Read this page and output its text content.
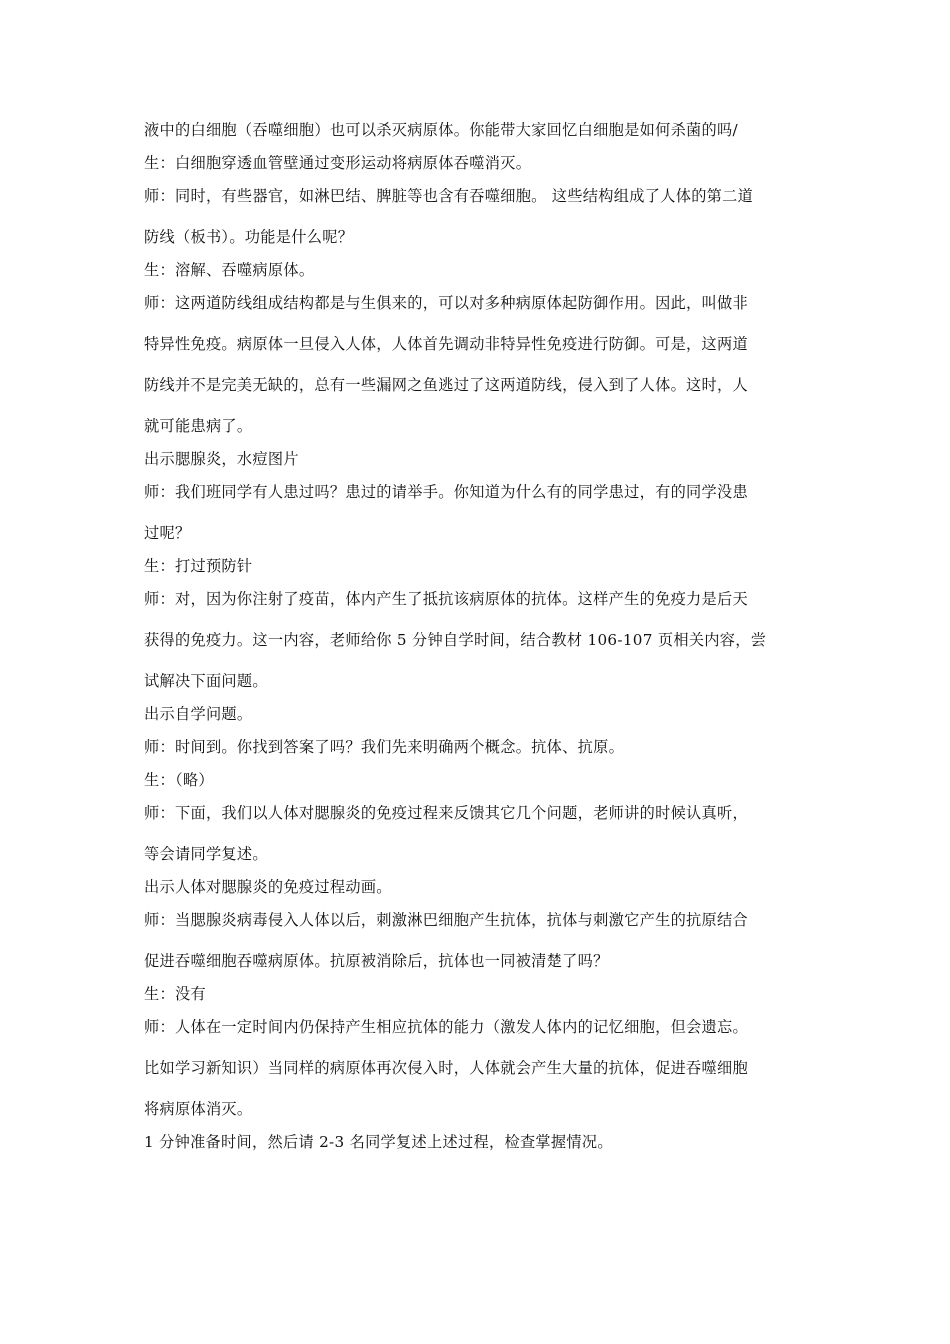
液中的白细胞（吞噬细胞）也可以杀灭病原体。你能带大家回忆白细胞是如何杀菌的吗/
生：白细胞穿透血管壁通过变形运动将病原体吞噬消灭。
师：同时，有些器官，如淋巴结、脾脏等也含有吞噬细胞。 这些结构组成了人体的第二道
防线（板书）。功能是什么呢？
生：溶解、吞噬病原体。
师：这两道防线组成结构都是与生俱来的，可以对多种病原体起防御作用。因此，叫做非
特异性免疫。病原体一旦侵入人体，人体首先调动非特异性免疫进行防御。可是，这两道
防线并不是完美无缺的，总有一些漏网之鱼逃过了这两道防线，侵入到了人体。这时，人
就可能患病了。
出示腮腺炎，水痘图片
师：我们班同学有人患过吗？患过的请举手。你知道为什么有的同学患过，有的同学没患
过呢？
生：打过预防针
师：对，因为你注射了疫苗，体内产生了抵抗该病原体的抗体。这样产生的免疫力是后天
获得的免疫力。这一内容，老师给你 5 分钟自学时间，结合教材 106-107 页相关内容，尝
试解决下面问题。
出示自学问题。
师：时间到。你找到答案了吗？我们先来明确两个概念。抗体、抗原。
生：（略）
师：下面，我们以人体对腮腺炎的免疫过程来反馈其它几个问题，老师讲的时候认真听，
等会请同学复述。
出示人体对腮腺炎的免疫过程动画。
师：当腮腺炎病毒侵入人体以后，刺激淋巴细胞产生抗体，抗体与刺激它产生的抗原结合
促进吞噬细胞吞噬病原体。抗原被消除后，抗体也一同被清楚了吗？
生：没有
师：人体在一定时间内仍保持产生相应抗体的能力（激发人体内的记忆细胞，但会遗忘。
比如学习新知识）当同样的病原体再次侵入时，人体就会产生大量的抗体，促进吞噬细胞
将病原体消灭。
1 分钟准备时间，然后请 2-3 名同学复述上述过程，检查掌握情况。
